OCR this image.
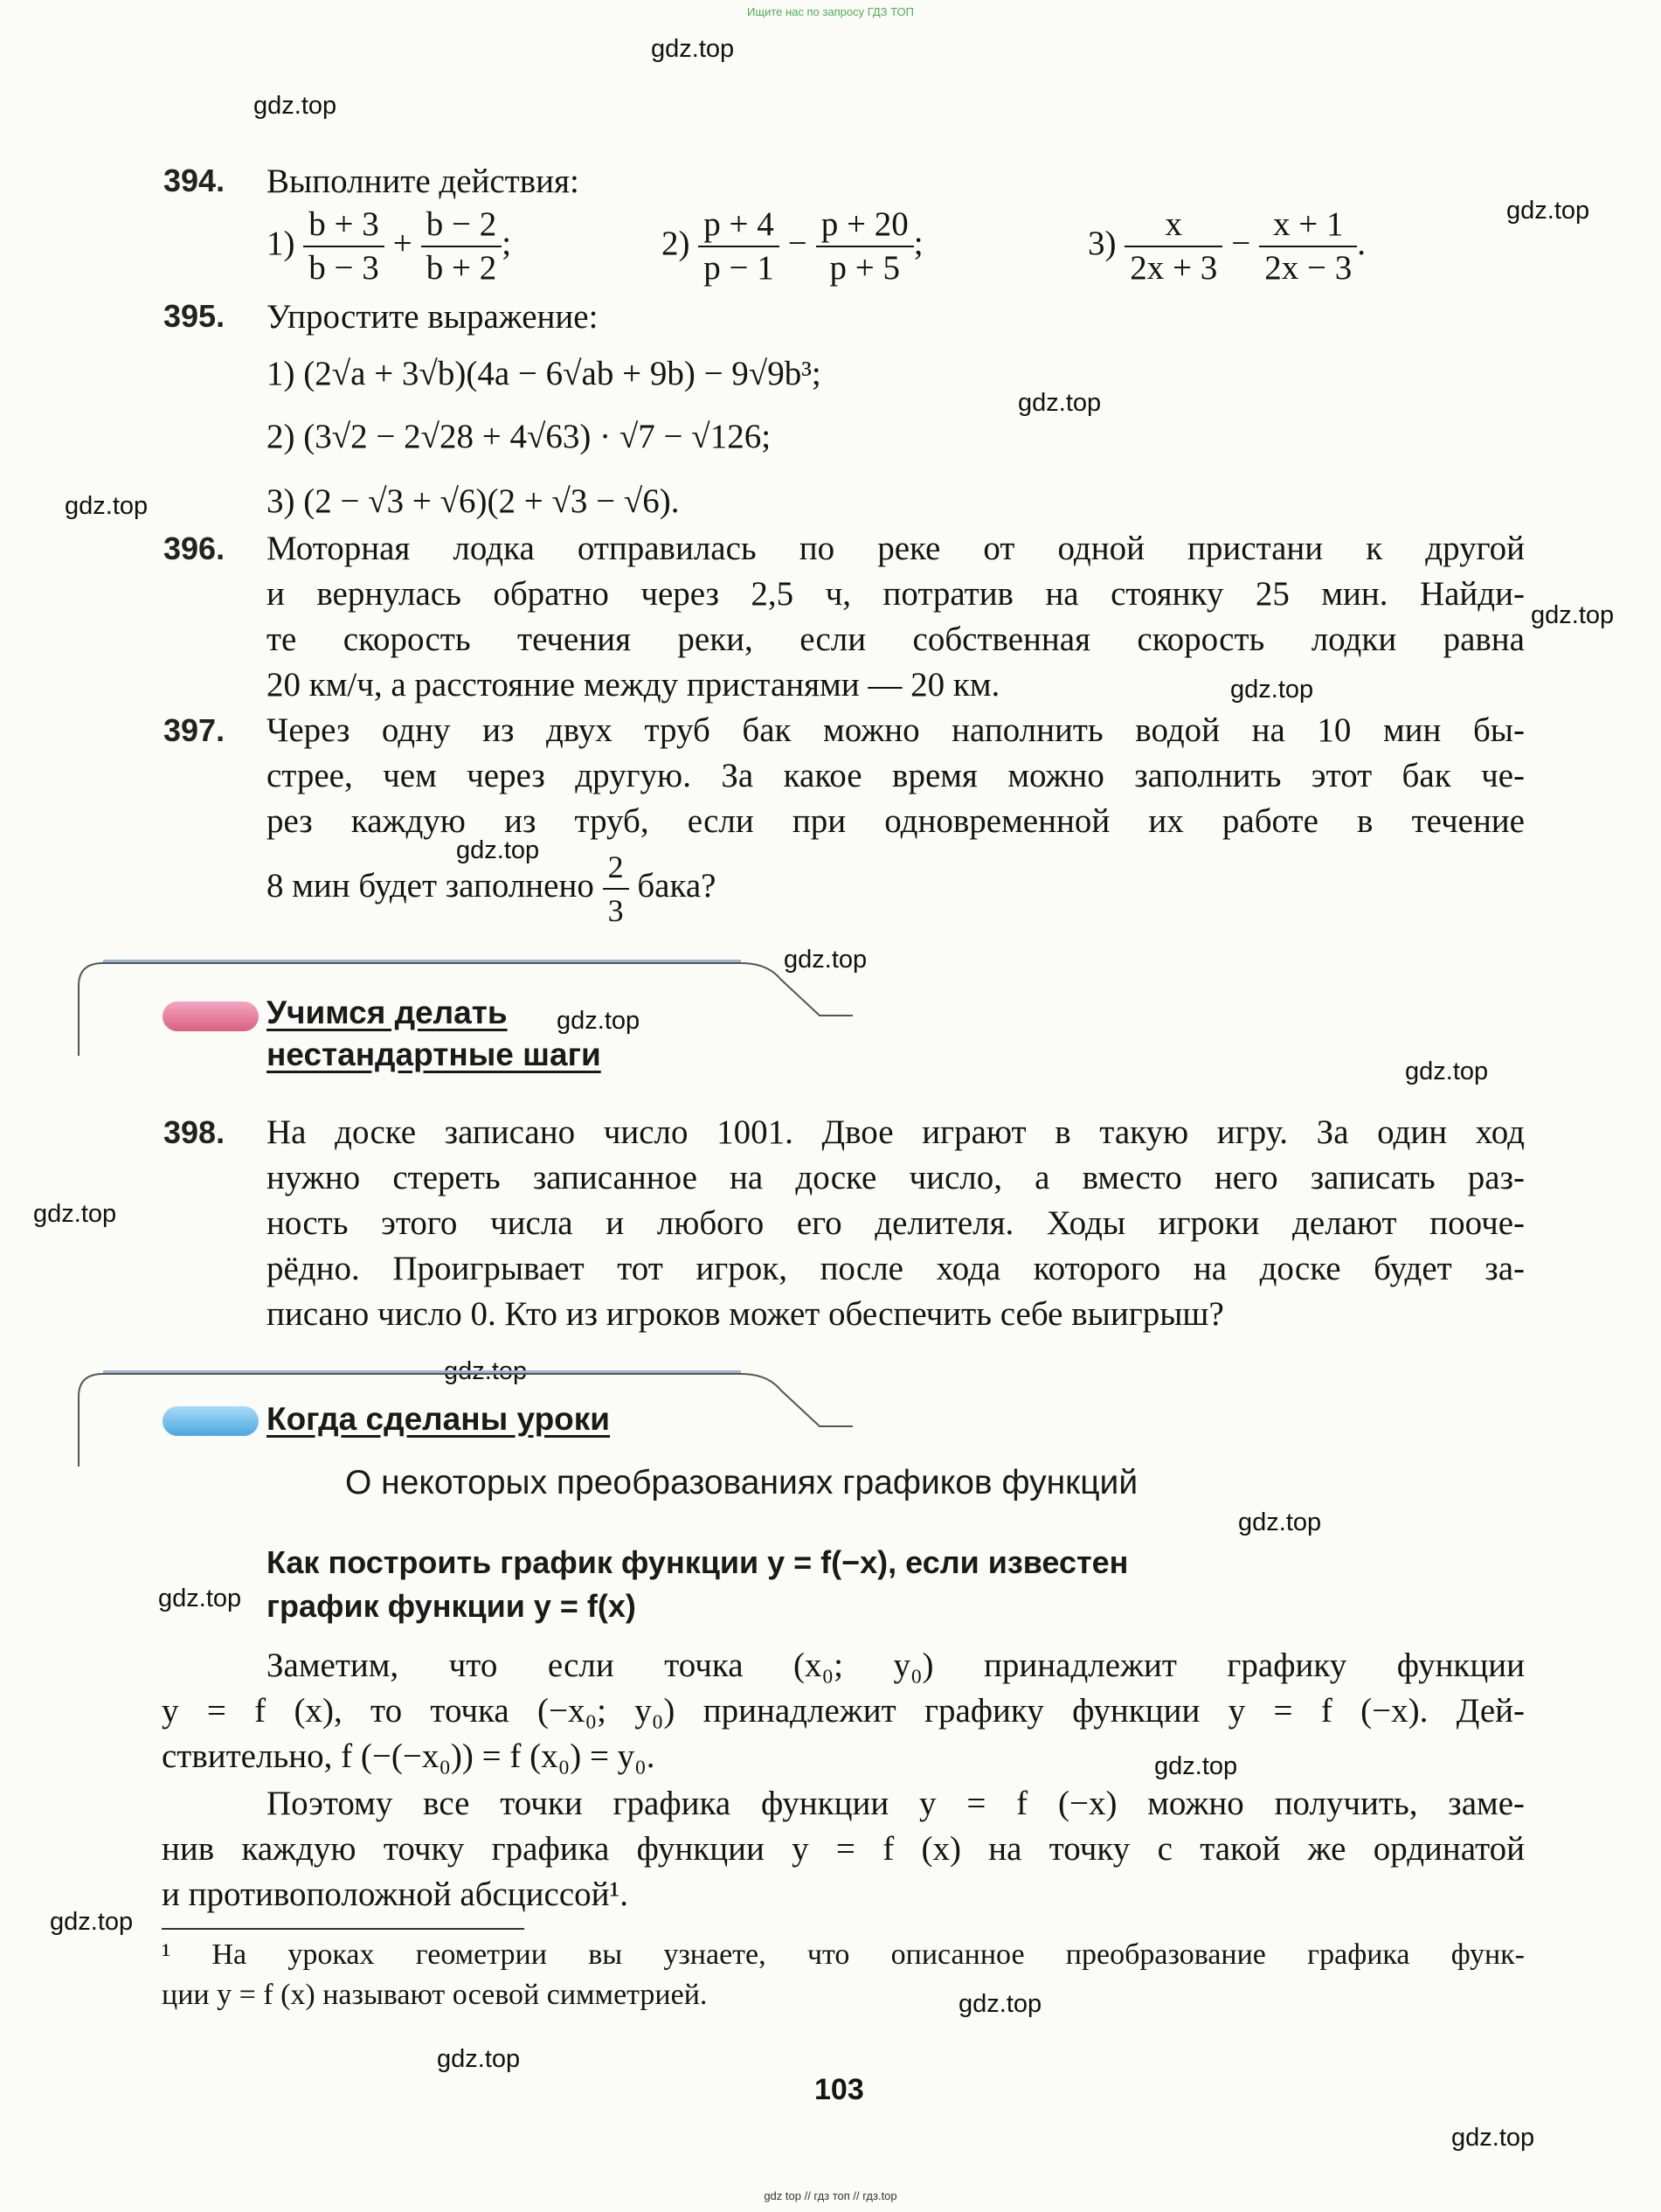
Ищите нас по запросу ГДЗ ТОП
gdz top // гдз топ // гдз.top
gdz.top
gdz.top
gdz.top
gdz.top
gdz.top
gdz.top
gdz.top
gdz.top
gdz.top
gdz.top
gdz.top
gdz.top
gdz.top
gdz.top
gdz.top
gdz.top
gdz.top
gdz.top
gdz.top
gdz.top
394. Выполните действия:
$1) \frac{b + 3}{b - 3} + \frac{b - 2}{b + 2}$ ;	$2) \frac{p + 4}{p - 1} - \frac{p + 20}{p + 5}$ ;	$3) \frac{x}{2x + 3} - \frac{x + 1}{2x - 3}$ .
395. Упростите выражение:
1) (2√a + 3√b)(4a − 6√ab + 9b) − 9√9b³;
2) (3√2 − 2√28 + 4√63) · √7 − √126;
3) (2 − √3 + √6)(2 + √3 − √6).
396. Моторная лодка отправилась по реке от одной пристани к другой
и вернулась обратно через 2,5 ч, потратив на стоянку 25 мин. Найди-
те скорость течения реки, если собственная скорость лодки равна
20 км/ч, а расстояние между пристанями — 20 км.
397. Через одну из двух труб бак можно наполнить водой на 10 мин бы-
стрее, чем через другую. За какое время можно заполнить этот бак че-
рез каждую из труб, если при одновременной их работе в течение
8 мин будет заполнено $\frac{2}{3}$ бака?
Учимся делать
нестандартные шаги
398. На доске записано число 1001. Двое играют в такую игру. За один ход
нужно стереть записанное на доске число, а вместо него записать раз-
ность этого числа и любого его делителя. Ходы игроки делают пооче-
рёдно. Проигрывает тот игрок, после хода которого на доске будет за-
писано число 0. Кто из игроков может обеспечить себе выигрыш?
Когда сделаны уроки
О некоторых преобразованиях графиков функций
Как построить график функции y = f(−x), если известен
график функции y = f(x)
Заметим, что если точка (x₀; y₀) принадлежит графику функции
y = f (x), то точка (−x₀; y₀) принадлежит графику функции y = f (−x). Дей-
ствительно, f (−(−x₀)) = f (x₀) = y₀.
Поэтому все точки графика функции y = f (−x) можно получить, заме-
нив каждую точку графика функции y = f (x) на точку с такой же ординатой
и противоположной абсциссой¹.
¹ На уроках геометрии вы узнаете, что описанное преобразование графика функ-
ции y = f (x) называют осевой симметрией.
103
